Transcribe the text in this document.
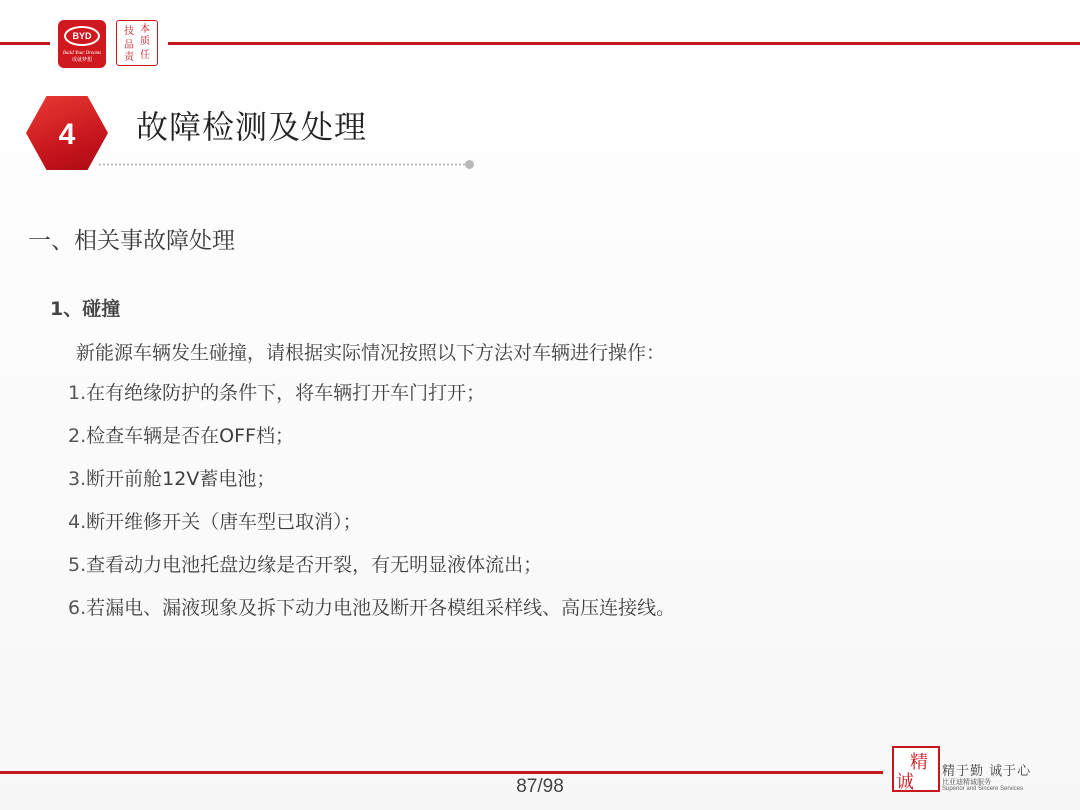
BYD
Build Your Dreams
成就梦想
技
品
本
质
责 任
4	故障检测及处理
一、相关事故障处理
1、碰撞
新能源车辆发生碰撞，请根据实际情况按照以下方法对车辆进行操作：
1.在有绝缘防护的条件下，将车辆打开车门打开；
2.检查车辆是否在OFF档；
3.断开前舱12V蓄电池；
4.断开维修开关（唐车型已取消）；
5.查看动力电池托盘边缘是否开裂，有无明显液体流出；
6.若漏电、漏液现象及拆下动力电池及断开各模组采样线、高压连接线。
87/98
精
诚
精于勤 诚于心
比亚迪精诚服务
Superior and Sincere Services
